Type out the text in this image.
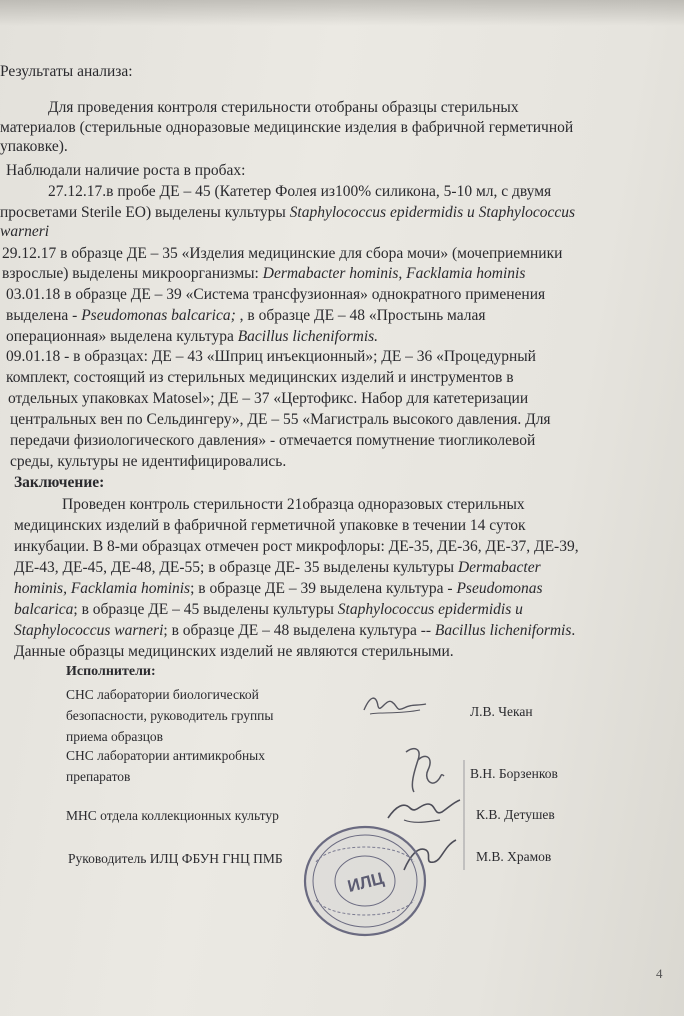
Результаты анализа:
Для проведения контроля стерильности отобраны образцы стерильных
материалов (стерильные одноразовые медицинские изделия в фабричной герметичной
упаковке).
Наблюдали наличие роста в пробах:
27.12.17.в пробе ДЕ – 45 (Катетер Фолея из100% силикона, 5-10 мл, с двумя
просветами Sterile EO) выделены культуры Staphylococcus epidermidis и Staphylococcus
warneri
29.12.17 в образце ДЕ – 35 «Изделия медицинские для сбора мочи» (мочеприемники
взрослые) выделены микроорганизмы: Dermabacter hominis, Facklamia hominis
03.01.18 в образце ДЕ – 39 «Система трансфузионная» однократного применения
выделена - Pseudomonas balcarica; , в образце ДЕ – 48 «Простынь малая
операционная» выделена культура Bacillus licheniformis.
09.01.18 - в образцах: ДЕ – 43 «Шприц инъекционный»; ДЕ – 36 «Процедурный
комплект, состоящий из стерильных медицинских изделий и инструментов в
отдельных упаковках Matosel»; ДЕ – 37 «Цертофикс. Набор для катетеризации
центральных вен по Сельдингеру», ДЕ – 55 «Магистраль высокого давления. Для
передачи физиологического давления» - отмечается помутнение тиогликолевой
среды, культуры не идентифицировались.
Заключение:
Проведен контроль стерильности 21образца одноразовых стерильных
медицинских изделий в фабричной герметичной упаковке в течении 14 суток
инкубации. В 8-ми образцах отмечен рост микрофлоры: ДЕ-35, ДЕ-36, ДЕ-37, ДЕ-39,
ДЕ-43, ДЕ-45, ДЕ-48, ДЕ-55; в образце ДЕ- 35 выделены культуры Dermabacter
hominis, Facklamia hominis; в образце ДЕ – 39 выделена культура - Pseudomonas
balcarica; в образце ДЕ – 45 выделены культуры Staphylococcus epidermidis и
Staphylococcus warneri; в образце ДЕ – 48 выделена культура -- Bacillus licheniformis.
Данные образцы медицинских изделий не являются стерильными.
Исполнители:
СНС лаборатории биологической
безопасности, руководитель группы
приема образцов
Л.В. Чекан
СНС лаборатории антимикробных
препаратов	В.Н. Борзенков
МНС отдела коллекционных культур	К.В. Детушев
Руководитель ИЛЦ ФБУН ГНЦ ПМБ	М.В. Храмов
ИЛЦ
4
